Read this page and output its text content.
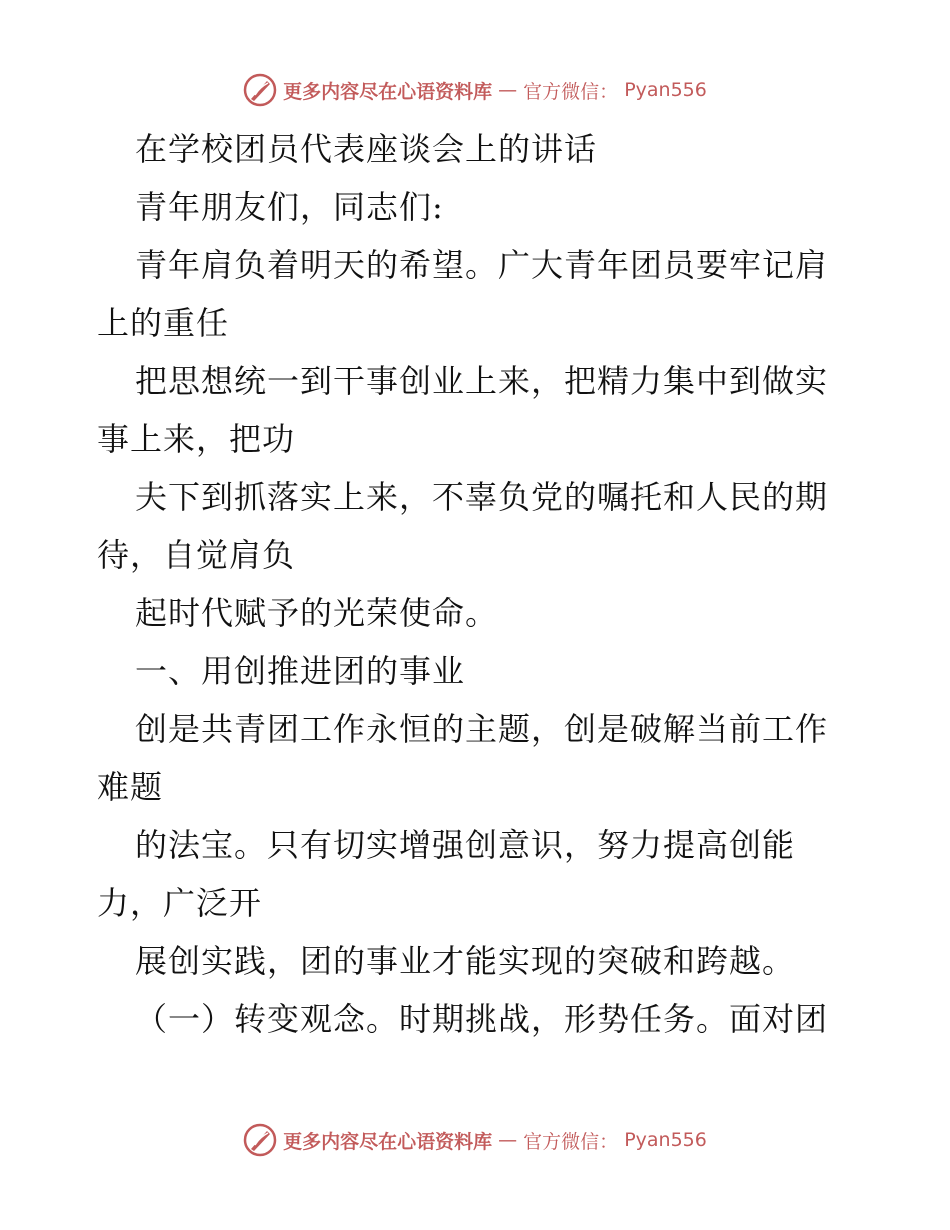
更多内容尽在心语资料库 — 官方微信： Pyan556
在学校团员代表座谈会上的讲话
青年朋友们，同志们:
青年肩负着明天的希望。广大青年团员要牢记肩
上的重任
把思想统一到干事创业上来，把精力集中到做实
事上来，把功
夫下到抓落实上来，不辜负党的嘱托和人民的期
待，自觉肩负
起时代赋予的光荣使命。
一、用创推进团的事业
创是共青团工作永恒的主题，创是破解当前工作
难题
的法宝。只有切实增强创意识，努力提高创能
力，广泛开
展创实践，团的事业才能实现的突破和跨越。
（一）转变观念。时期挑战，形势任务。面对团
更多内容尽在心语资料库 — 官方微信： Pyan556
